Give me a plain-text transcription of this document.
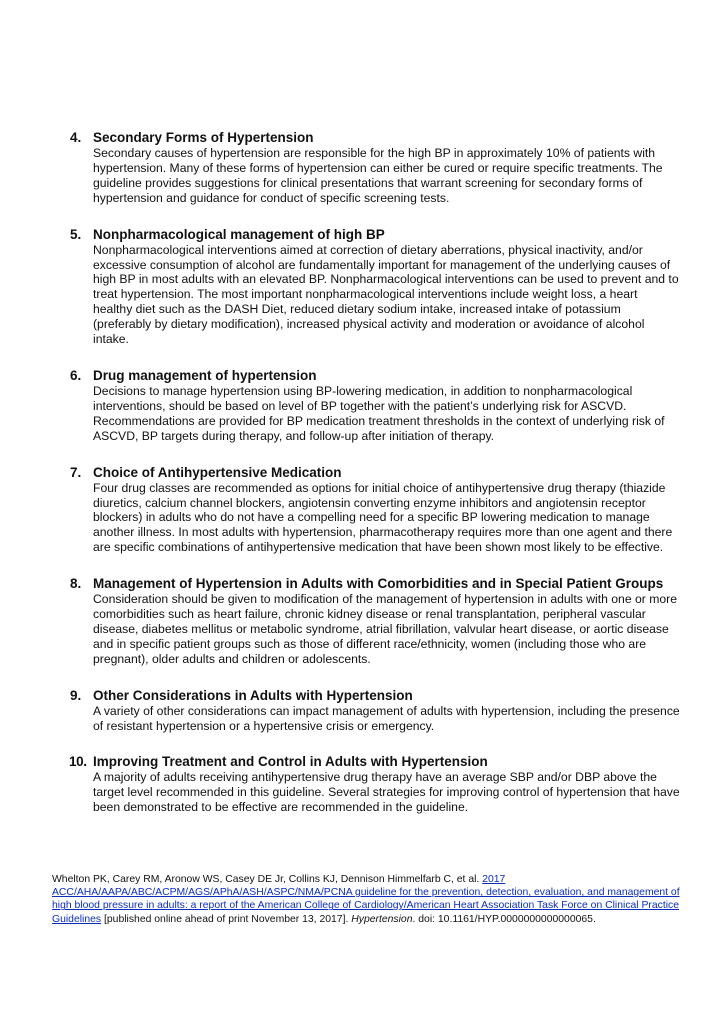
4. Secondary Forms of Hypertension

Secondary causes of hypertension are responsible for the high BP in approximately 10% of patients with hypertension. Many of these forms of hypertension can either be cured or require specific treatments. The guideline provides suggestions for clinical presentations that warrant screening for secondary forms of hypertension and guidance for conduct of specific screening tests.

5. Nonpharmacological management of high BP

Nonpharmacological interventions aimed at correction of dietary aberrations, physical inactivity, and/or excessive consumption of alcohol are fundamentally important for management of the underlying causes of high BP in most adults with an elevated BP. Nonpharmacological interventions can be used to prevent and to treat hypertension. The most important nonpharmacological interventions include weight loss, a heart healthy diet such as the DASH Diet, reduced dietary sodium intake, increased intake of potassium (preferably by dietary modification), increased physical activity and moderation or avoidance of alcohol intake.

6. Drug management of hypertension

Decisions to manage hypertension using BP-lowering medication, in addition to nonpharmacological interventions, should be based on level of BP together with the patient’s underlying risk for ASCVD. Recommendations are provided for BP medication treatment thresholds in the context of underlying risk of ASCVD, BP targets during therapy, and follow-up after initiation of therapy.

7. Choice of Antihypertensive Medication

Four drug classes are recommended as options for initial choice of antihypertensive drug therapy (thiazide diuretics, calcium channel blockers, angiotensin converting enzyme inhibitors and angiotensin receptor blockers) in adults who do not have a compelling need for a specific BP lowering medication to manage another illness. In most adults with hypertension, pharmacotherapy requires more than one agent and there are specific combinations of antihypertensive medication that have been shown most likely to be effective.

8. Management of Hypertension in Adults with Comorbidities and in Special Patient Groups

Consideration should be given to modification of the management of hypertension in adults with one or more comorbidities such as heart failure, chronic kidney disease or renal transplantation, peripheral vascular disease, diabetes mellitus or metabolic syndrome, atrial fibrillation, valvular heart disease, or aortic disease and in specific patient groups such as those of different race/ethnicity, women (including those who are pregnant), older adults and children or adolescents.

9. Other Considerations in Adults with Hypertension

A variety of other considerations can impact management of adults with hypertension, including the presence of resistant hypertension or a hypertensive crisis or emergency.

10. Improving Treatment and Control in Adults with Hypertension

A majority of adults receiving antihypertensive drug therapy have an average SBP and/or DBP above the target level recommended in this guideline. Several strategies for improving control of hypertension that have been demonstrated to be effective are recommended in the guideline.

Whelton PK, Carey RM, Aronow WS, Casey DE Jr, Collins KJ, Dennison Himmelfarb C, et al. 2017 ACC/AHA/AAPA/ABC/ACPM/AGS/APhA/ASH/ASPC/NMA/PCNA guideline for the prevention, detection, evaluation, and management of high blood pressure in adults: a report of the American College of Cardiology/American Heart Association Task Force on Clinical Practice Guidelines [published online ahead of print November 13, 2017]. Hypertension. doi: 10.1161/HYP.0000000000000065.
